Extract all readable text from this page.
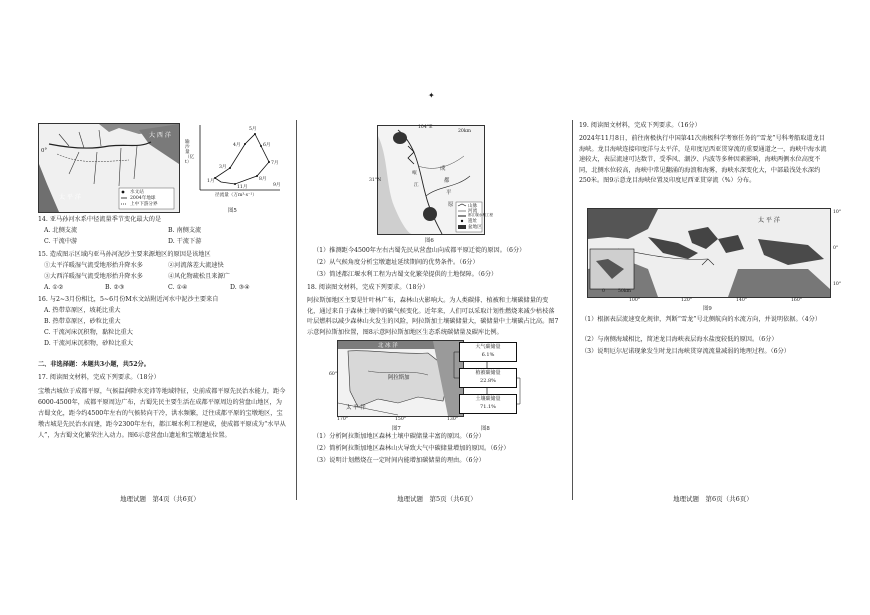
✦
0°
大 西 洋
太 平 洋
水文站
2004年地球
上中下游分界
输沙量（亿t）
径流量（万m³·s⁻¹）
5月
6月
4月
7月
8月
3月
1月
11月	9月
图5
14. 亚马孙河水系中径流量季节变化最大的是
A. 北侧支流	B. 南侧支流
C. 干流中游	D. 干流下游
15. 造成图示区域内亚马孙河泥沙主要来源地区的原因是该地区
①太平洋暖湿气流受地形抬升降水多	②河流落差大流速快
③大西洋暖湿气流受地形抬升降水多	④风化物疏松且来源广
A. ①②	B. ②③	C. ①④	D. ③④
16. 与2~3月份相比，5~6月份M水文站附近河水中泥沙主要来自
A. 热带草原区，坡耗比重大
B. 热带草原区，砂粒比重大
C. 干流河床沉积物，黏粒比重大
D. 干流河床沉积物，砂粒比重大
二、非选择题：本题共3小题，共52分。
17. 阅读图文材料，完成下列要求。（18分）
宝墩古城位于成都平原，气候温润降水充沛等地域特征，史前成都平原先民治水能力，距今6000-4500年，成都平原周边广布，古蜀先民主要生活在成都平原周边的营盘山地区，为古蜀文化，距今约4500年左右的气候转向干冷，洪水频繁，迁往成都平原的宝墩地区，宝墩古城是先民治水而建，距今2300年左右，都江堰水利工程建成，使成都平原成为“水旱从人”，为古蜀文化繁荣注入动力。图6示意营盘山遗址和宝墩遗址位置。
地理试题　第4页（共6页）
104°E
20km
岷
江
成
都
平
原	山脉
河流
都江堰水利工程
遗址
盆地区
31°N
图6
（1）推测距今4500年左右古蜀先民从营盘山向成都平原迁徙的原因。（6分）
（2）从气候角度分析宝墩遗址延续期间的优势条件。（6分）
（3）简述都江堰水利工程为古蜀文化繁荣提供的土地保障。（6分）
18. 阅读图文材料，完成下列要求。（18分）
阿拉斯加地区主要是针叶林广布，森林山火影响大。为人类碳排、植被和土壤碳储量的变化，通过来自于森林土壤中的碳气候变化。近年来，人们可以采取计划性燃烧来减少枯枝落叶层燃料以减少森林山火发生的风险，阿拉斯加土壤碳储量大，碳储量中土壤碳占比高。图7示意阿拉斯加位置，图8示意阿拉斯加地区生态系统碳储量及碳库比例。
北 冰 洋
阿拉斯加
太 平 洋
60°
170°	150°	130°
图7
大气碳储量
6.1%
植被碳储量
22.8%
土壤碳储量
71.1%
图8
（1）分析阿拉斯加地区森林土壤中碳储量丰富的原因。（6分）
（2）简析阿拉斯加地区森林山火导致大气中碳储量增加的原因。（6分）
（3）说明计划燃烧在一定时间内能增加碳储量的理由。（6分）
地理试题　第5页（共6页）
19. 阅读图文材料，完成下列要求。（16分）
2024年11月8日，前往南极执行中国第41次南极科学考察任务的“雪龙”号科考船取道龙目海峡。龙目海峡连接印度洋与太平洋，是印度尼西亚贯穿流的重要通道之一，海峡中海水流速较大，表层流速可达数节，受季风、潮汐、内波等多种因素影响，海峡两侧水位高度不同，北侧水位较高，海峡中常见翻涌的海浪和海雾，海峡水深变化大，中部最浅处水深约250米。图9示意龙目海峡位置及印度尼西亚贯穿流（%）分布。
太 平 洋
0	50km
10°
0°
10°
100°	120°	140°	160°
图9
（1）根据表层流速变化规律，判断“雪龙”号北侧航向的水流方向，并说明依据。（4分）
（2）与南侧海域相比，简述龙目海峡表层海水盐度较低的原因。（6分）
（3）说明厄尔尼诺现象发生时龙目海峡贯穿流流量减弱的地理过程。（6分）
地理试题　第6页（共6页）
